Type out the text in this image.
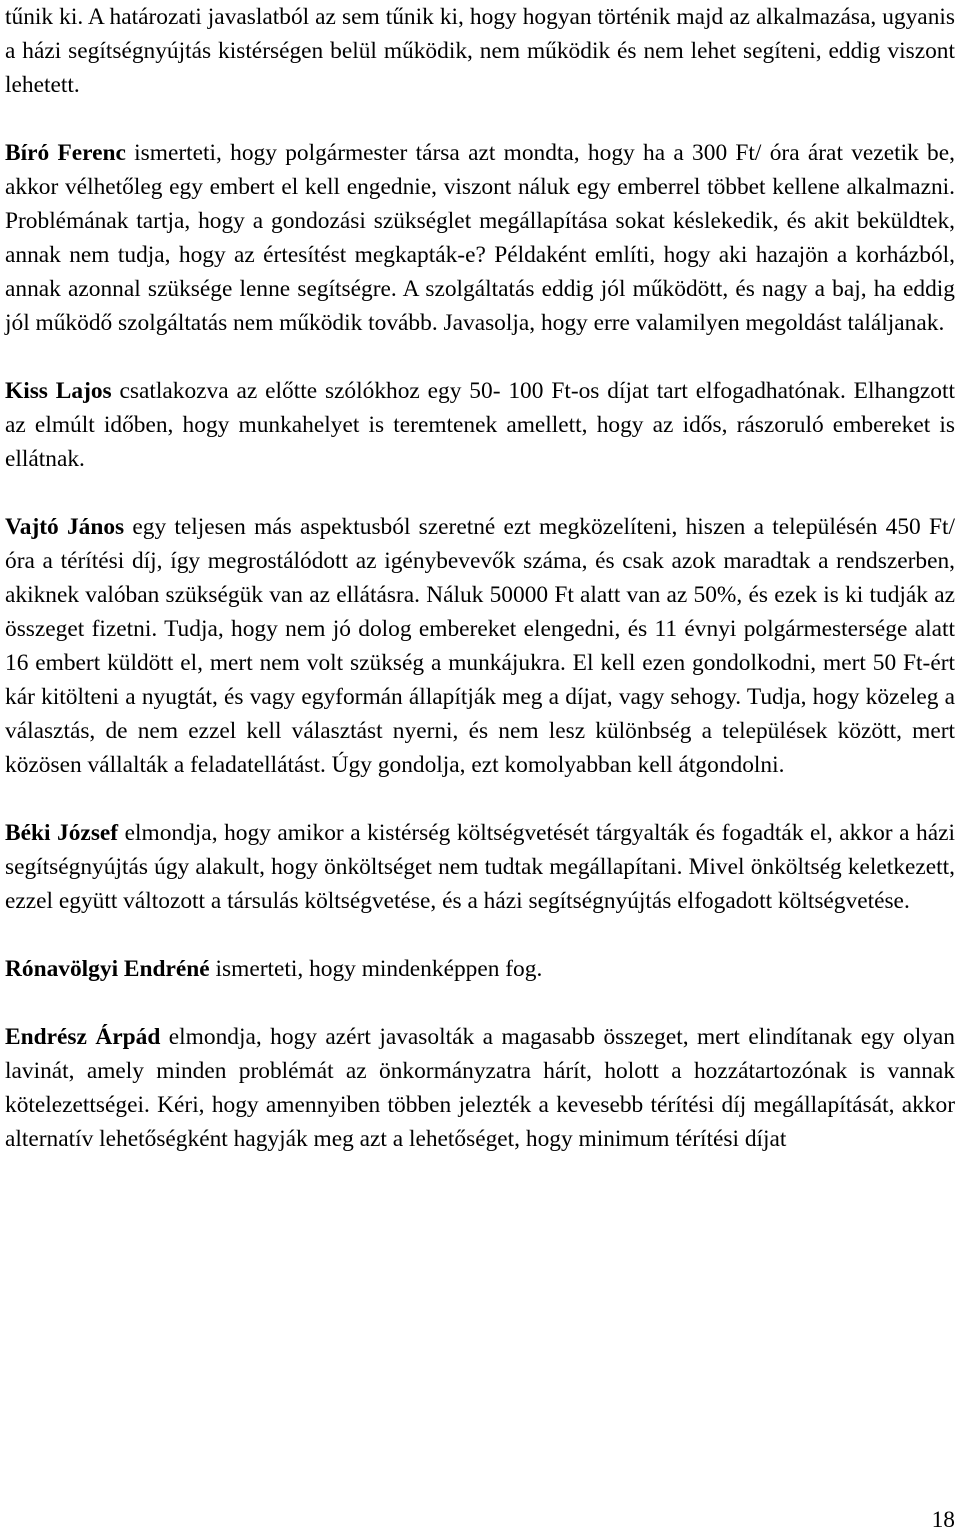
tűnik ki. A határozati javaslatból az sem tűnik ki, hogy hogyan történik majd az alkalmazása, ugyanis a házi segítségnyújtás kistérségen belül működik, nem működik és nem lehet segíteni, eddig viszont lehetett.

Bíró Ferenc ismerteti, hogy polgármester társa azt mondta, hogy ha a 300 Ft/ óra árat vezetik be, akkor vélhetőleg egy embert el kell engednie, viszont náluk egy emberrel többet kellene alkalmazni. Problémának tartja, hogy a gondozási szükséglet megállapítása sokat késlekedik, és akit beküldtek, annak nem tudja, hogy az értesítést megkapták-e? Példaként említi, hogy aki hazajön a korházból, annak azonnal szüksége lenne segítségre. A szolgáltatás eddig jól működött, és nagy a baj, ha eddig jól működő szolgáltatás nem működik tovább. Javasolja, hogy erre valamilyen megoldást találjanak.

Kiss Lajos csatlakozva az előtte szólókhoz egy 50- 100 Ft-os díjat tart elfogadhatónak. Elhangzott az elmúlt időben, hogy munkahelyet is teremtenek amellett, hogy az idős, rászoruló embereket is ellátnak.

Vajtó János egy teljesen más aspektusból szeretné ezt megközelíteni, hiszen a településén 450 Ft/ óra a térítési díj, így megrostálódott az igénybevevők száma, és csak azok maradtak a rendszerben, akiknek valóban szükségük van az ellátásra. Náluk 50000 Ft alatt van az 50%, és ezek is ki tudják az összeget fizetni. Tudja, hogy nem jó dolog embereket elengedni, és 11 évnyi polgármestersége alatt 16 embert küldött el, mert nem volt szükség a munkájukra. El kell ezen gondolkodni, mert 50 Ft-ért kár kitölteni a nyugtát, és vagy egyformán állapítják meg a díjat, vagy sehogy. Tudja, hogy közeleg a választás, de nem ezzel kell választást nyerni, és nem lesz különbség a települések között, mert közösen vállalták a feladatellátást. Úgy gondolja, ezt komolyabban kell átgondolni.

Béki József elmondja, hogy amikor a kistérség költségvetését tárgyalták és fogadták el, akkor a házi segítségnyújtás úgy alakult, hogy önköltséget nem tudtak megállapítani. Mivel önköltség keletkezett, ezzel együtt változott a társulás költségvetése, és a házi segítségnyújtás elfogadott költségvetése.

Rónavölgyi Endréné ismerteti, hogy mindenképpen fog.

Endrész Árpád elmondja, hogy azért javasolták a magasabb összeget, mert elindítanak egy olyan lavinát, amely minden problémát az önkormányzatra hárít, holott a hozzátartozónak is vannak kötelezettségei. Kéri, hogy amennyiben többen jelezték a kevesebb térítési díj megállapítását, akkor alternatív lehetőségként hagyják meg azt a lehetőséget, hogy minimum térítési díjat

18
